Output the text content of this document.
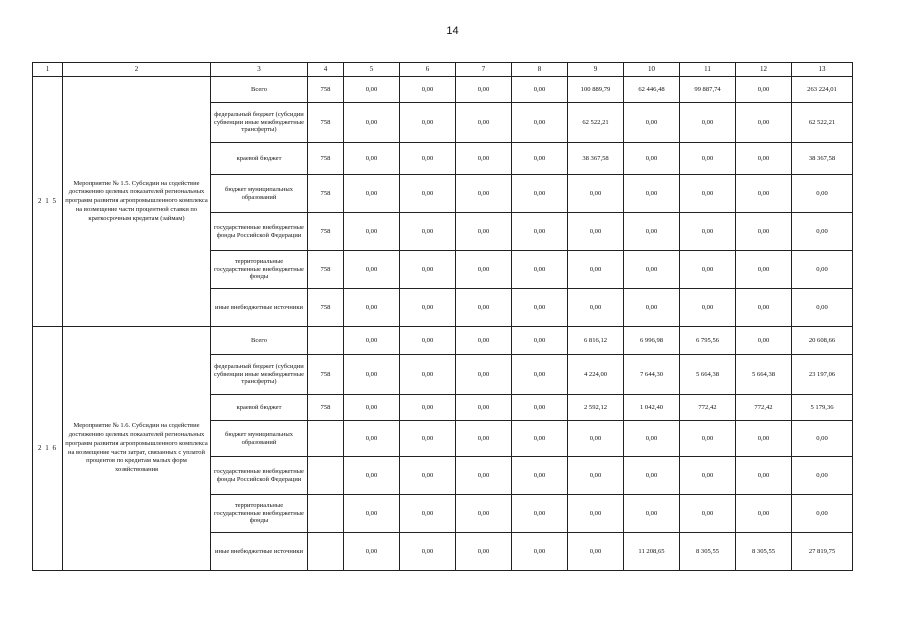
14
1	2	3	4	5	6	7	8	9	10	11	12	13
2 1 5	Мероприятие № 1.5. Субсидии на содействие достижению целевых показателей региональных программ развития агропромышленного комплекса на возмещение части процентной ставки по краткосрочным кредитам (займам)	Всего	758	0,00	0,00	0,00	0,00	100 889,79	62 446,48	99 887,74	0,00	263 224,01
		федеральный бюджет (субсидии субвенции иные межбюджетные трансферты)	758	0,00	0,00	0,00	0,00	62 522,21	0,00	0,00	0,00	62 522,21
		краевой бюджет	758	0,00	0,00	0,00	0,00	38 367,58	0,00	0,00	0,00	38 367,58
		бюджет муниципальных образований	758	0,00	0,00	0,00	0,00	0,00	0,00	0,00	0,00	0,00
		государственные внебюджетные фонды Российской Федерации	758	0,00	0,00	0,00	0,00	0,00	0,00	0,00	0,00	0,00
		территориальные государственные внебюджетные фонды	758	0,00	0,00	0,00	0,00	0,00	0,00	0,00	0,00	0,00
		иные внебюджетные источники	758	0,00	0,00	0,00	0,00	0,00	0,00	0,00	0,00	0,00
2 1 6	Мероприятие № 1.6. Субсидии на содействие достижению целевых показателей региональных программ развития агропромышленного комплекса на возмещение части затрат, связанных с уплатой процентов по кредитам малых форм хозяйствования	Всего		0,00	0,00	0,00	0,00	6 816,12	6 996,98	6 795,56	0,00	20 608,66
		федеральный бюджет (субсидии субвенции иные межбюджетные трансферты)	758	0,00	0,00	0,00	0,00	4 224,00	7 644,30	5 664,38	5 664,38	23 197,06
		краевой бюджет	758	0,00	0,00	0,00	0,00	2 592,12	1 042,40	772,42	772,42	5 179,36
		бюджет муниципальных образований		0,00	0,00	0,00	0,00	0,00	0,00	0,00	0,00	0,00
		государственные внебюджетные фонды Российской Федерации		0,00	0,00	0,00	0,00	0,00	0,00	0,00	0,00	0,00
		территориальные государственные внебюджетные фонды		0,00	0,00	0,00	0,00	0,00	0,00	0,00	0,00	0,00
		иные внебюджетные источники		0,00	0,00	0,00	0,00	0,00	11 208,65	8 305,55	8 305,55	27 819,75
